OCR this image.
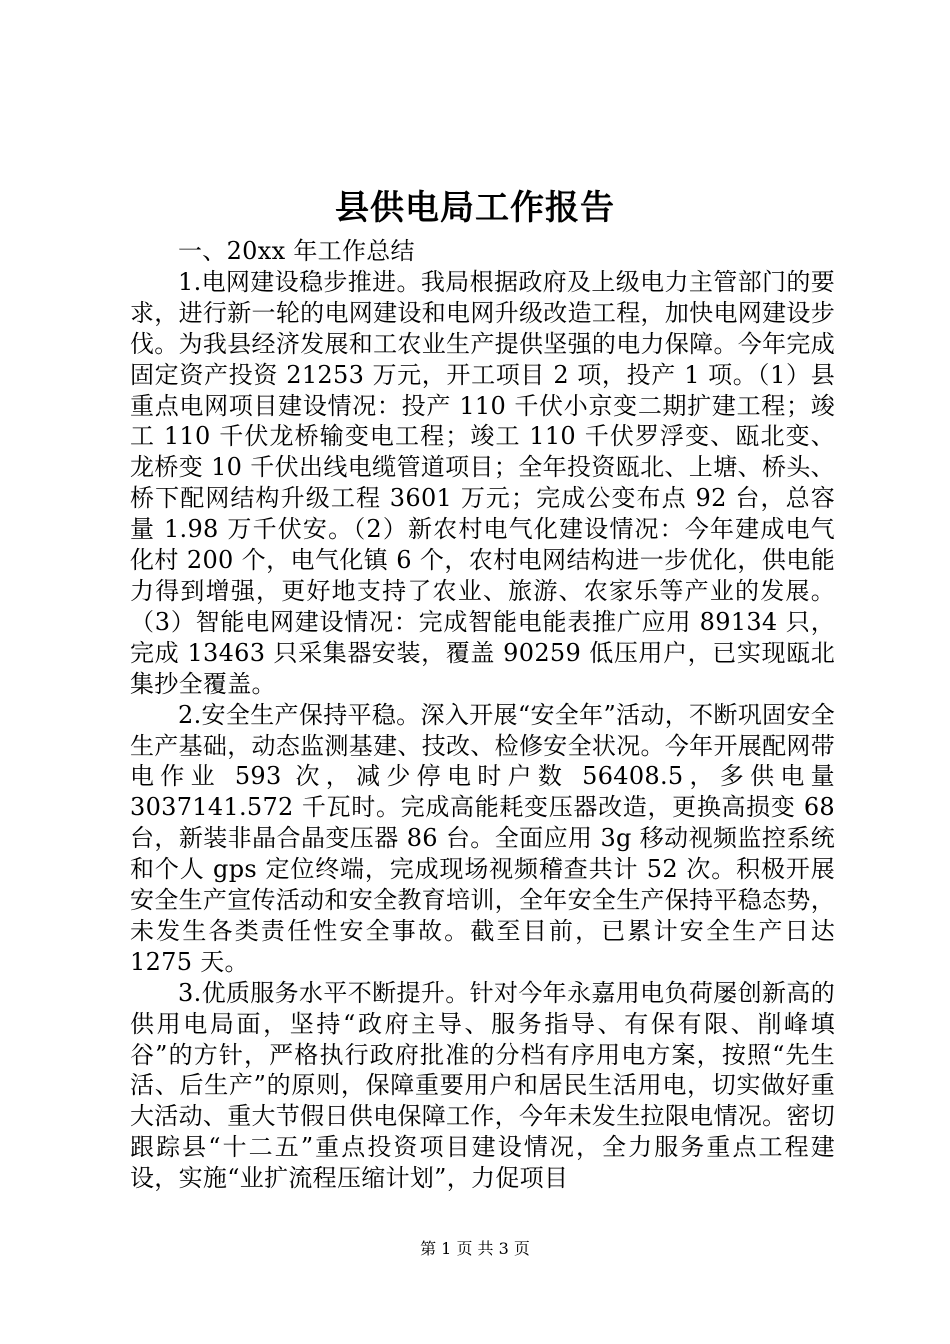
县供电局工作报告

一、20xx 年工作总结

1.电网建设稳步推进。我局根据政府及上级电力主管部门的要求，进行新一轮的电网建设和电网升级改造工程，加快电网建设步伐。为我县经济发展和工农业生产提供坚强的电力保障。今年完成固定资产投资 21253 万元，开工项目 2 项，投产 1 项。（1）县重点电网项目建设情况：投产 110 千伏小京变二期扩建工程；竣工 110 千伏龙桥输变电工程；竣工 110 千伏罗浮变、瓯北变、龙桥变 10 千伏出线电缆管道项目；全年投资瓯北、上塘、桥头、桥下配网结构升级工程 3601 万元；完成公变布点 92 台，总容量 1.98 万千伏安。（2）新农村电气化建设情况：今年建成电气化村 200 个，电气化镇 6 个，农村电网结构进一步优化，供电能力得到增强，更好地支持了农业、旅游、农家乐等产业的发展。（3）智能电网建设情况：完成智能电能表推广应用 89134 只，完成 13463 只采集器安装，覆盖 90259 低压用户，已实现瓯北集抄全覆盖。

2.安全生产保持平稳。深入开展“安全年”活动，不断巩固安全生产基础，动态监测基建、技改、检修安全状况。今年开展配网带电作业 593 次，减少停电时户数 56408.5，多供电量 3037141.572 千瓦时。完成高能耗变压器改造，更换高损变 68 台，新装非晶合晶变压器 86 台。全面应用 3g 移动视频监控系统和个人 gps 定位终端，完成现场视频稽查共计 52 次。积极开展安全生产宣传活动和安全教育培训，全年安全生产保持平稳态势，未发生各类责任性安全事故。截至目前，已累计安全生产日达 1275 天。

3.优质服务水平不断提升。针对今年永嘉用电负荷屡创新高的供用电局面，坚持“政府主导、服务指导、有保有限、削峰填谷”的方针，严格执行政府批准的分档有序用电方案，按照“先生活、后生产”的原则，保障重要用户和居民生活用电，切实做好重大活动、重大节假日供电保障工作，今年未发生拉限电情况。密切跟踪县“十二五”重点投资项目建设情况，全力服务重点工程建设，实施“业扩流程压缩计划”，力促项目

第 1 页 共 3 页
